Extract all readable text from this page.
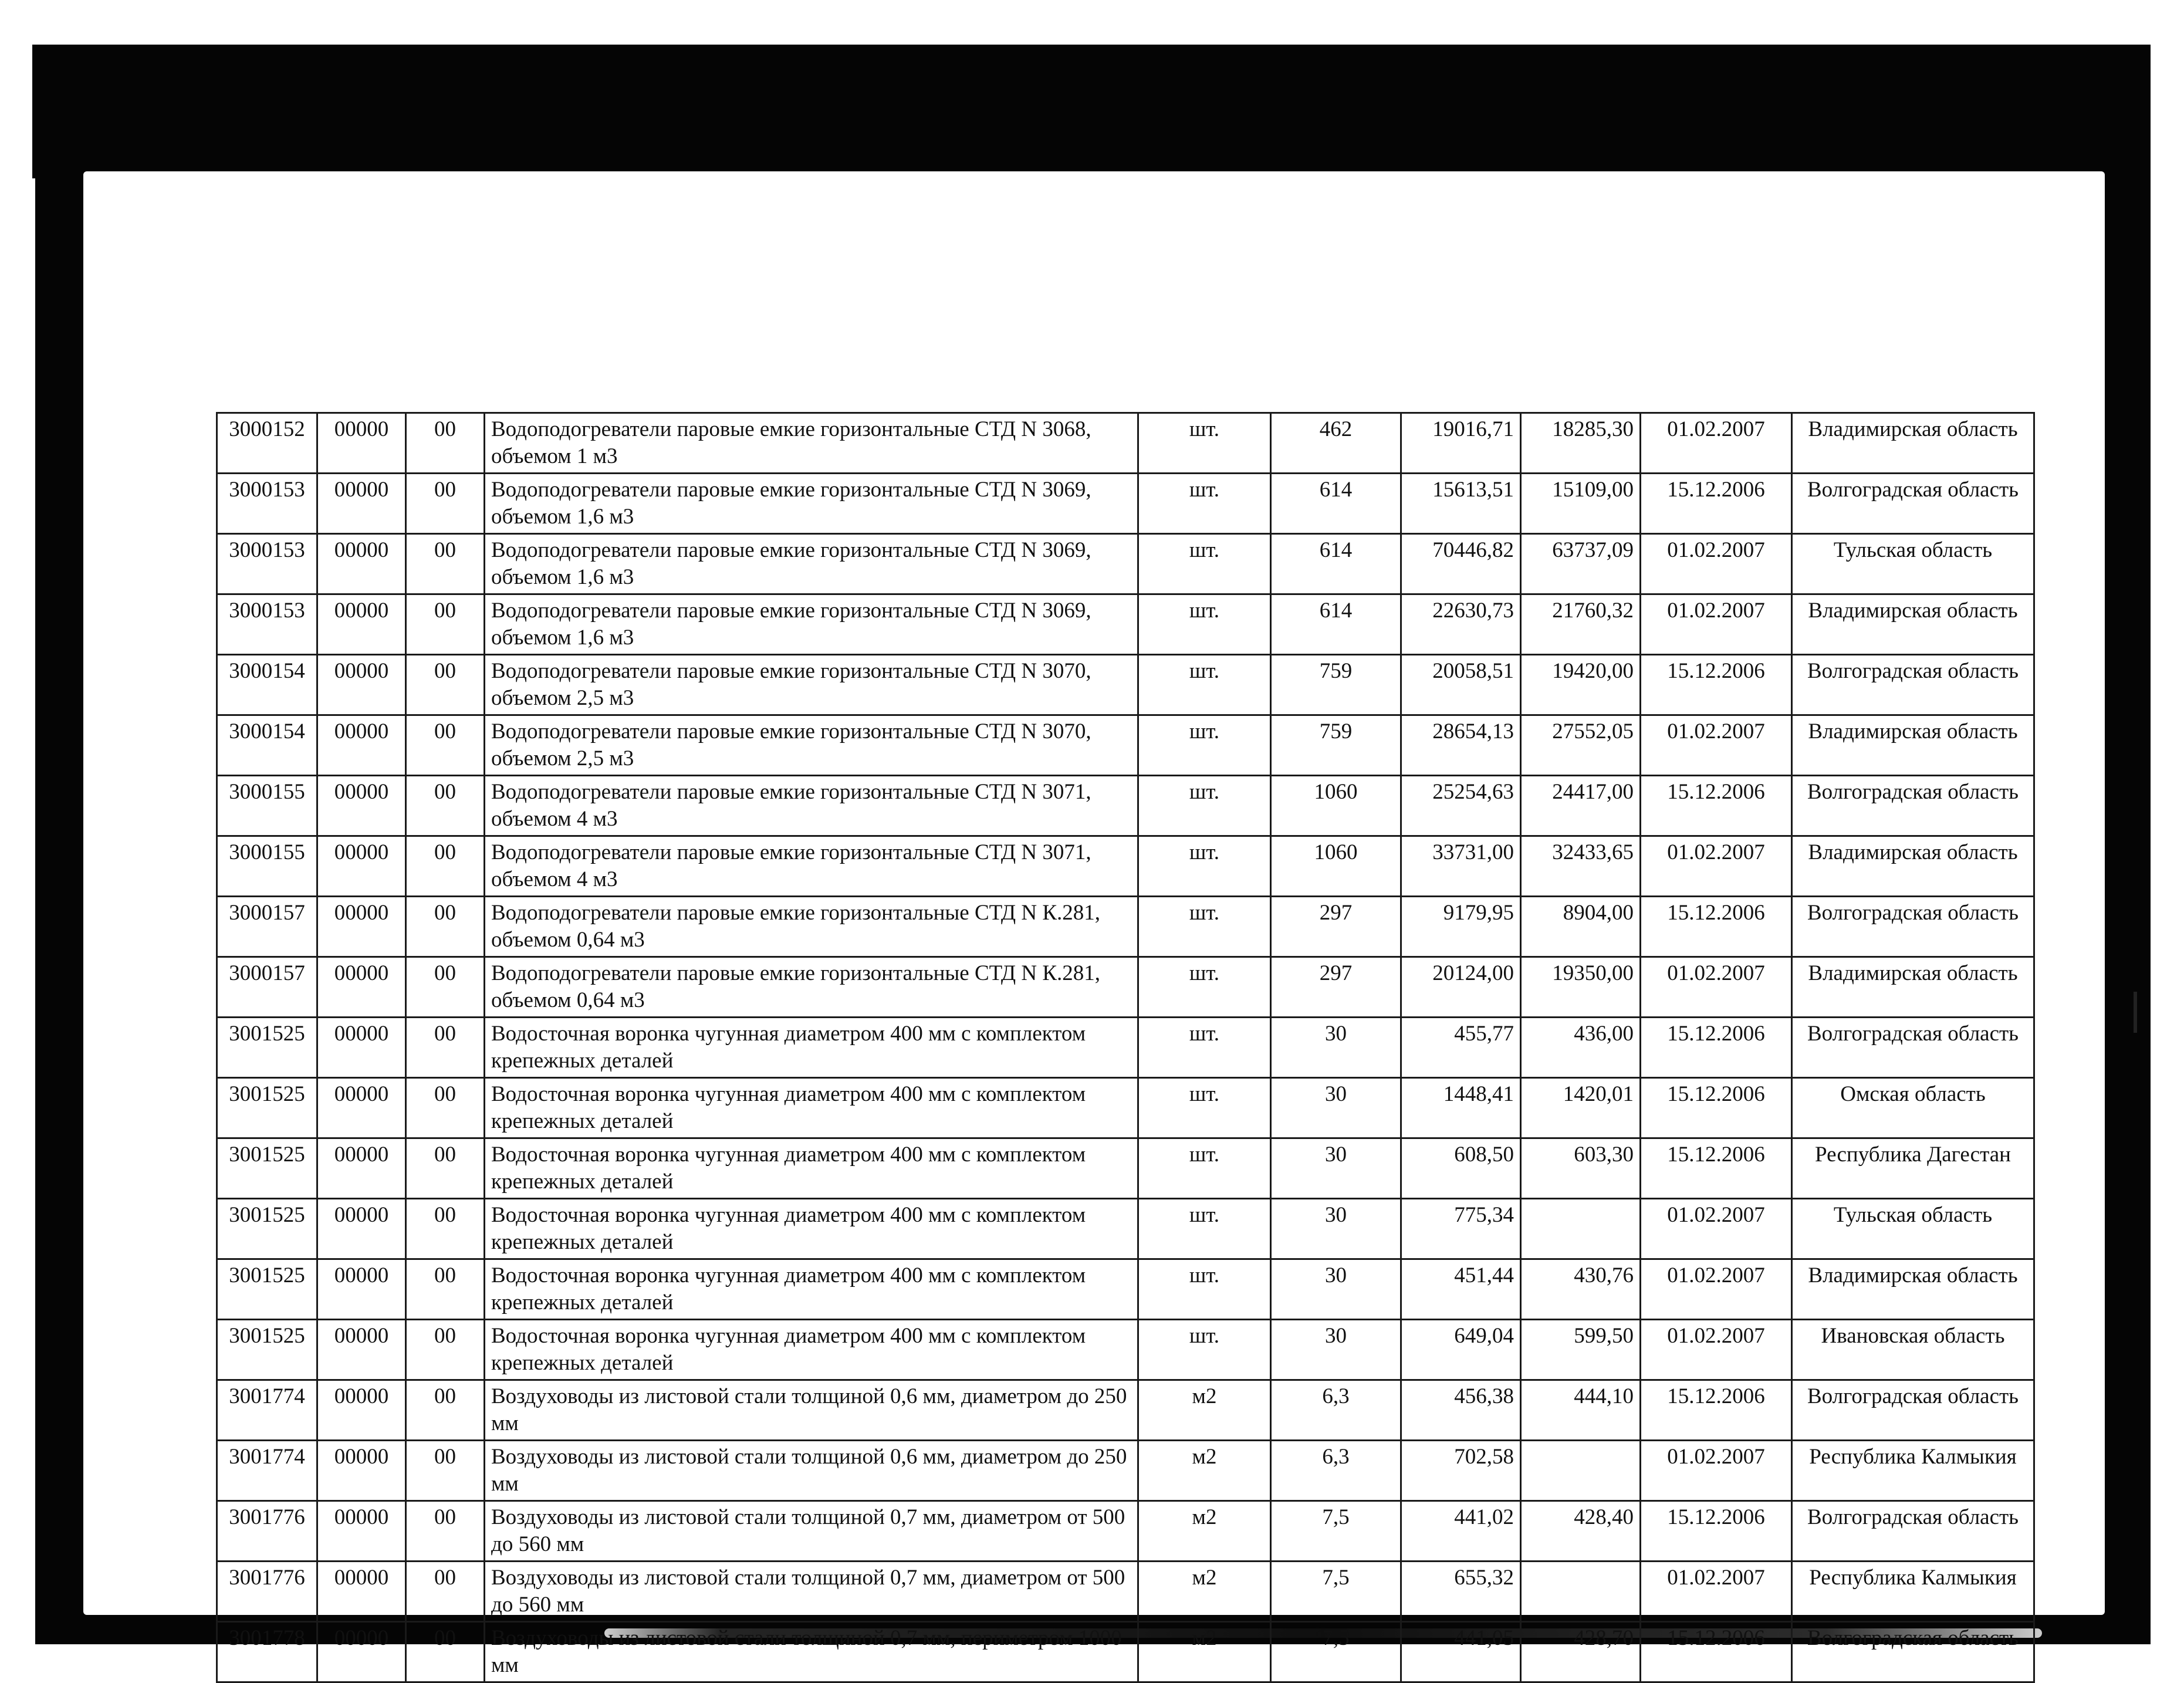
3000152	00000	00	Водоподогреватели паровые емкие горизонтальные СТД N 3068, объемом 1 м3	шт.	462	19016,71	18285,30	01.02.2007	Владимирская область
3000153	00000	00	Водоподогреватели паровые емкие горизонтальные СТД N 3069, объемом 1,6 м3	шт.	614	15613,51	15109,00	15.12.2006	Волгоградская область
3000153	00000	00	Водоподогреватели паровые емкие горизонтальные СТД N 3069, объемом 1,6 м3	шт.	614	70446,82	63737,09	01.02.2007	Тульская область
3000153	00000	00	Водоподогреватели паровые емкие горизонтальные СТД N 3069, объемом 1,6 м3	шт.	614	22630,73	21760,32	01.02.2007	Владимирская область
3000154	00000	00	Водоподогреватели паровые емкие горизонтальные СТД N 3070, объемом 2,5 м3	шт.	759	20058,51	19420,00	15.12.2006	Волгоградская область
3000154	00000	00	Водоподогреватели паровые емкие горизонтальные СТД N 3070, объемом 2,5 м3	шт.	759	28654,13	27552,05	01.02.2007	Владимирская область
3000155	00000	00	Водоподогреватели паровые емкие горизонтальные СТД N 3071, объемом 4 м3	шт.	1060	25254,63	24417,00	15.12.2006	Волгоградская область
3000155	00000	00	Водоподогреватели паровые емкие горизонтальные СТД N 3071, объемом 4 м3	шт.	1060	33731,00	32433,65	01.02.2007	Владимирская область
3000157	00000	00	Водоподогреватели паровые емкие горизонтальные СТД N К.281, объемом 0,64 м3	шт.	297	9179,95	8904,00	15.12.2006	Волгоградская область
3000157	00000	00	Водоподогреватели паровые емкие горизонтальные СТД N К.281, объемом 0,64 м3	шт.	297	20124,00	19350,00	01.02.2007	Владимирская область
3001525	00000	00	Водосточная воронка чугунная диаметром 400 мм с комплектом крепежных деталей	шт.	30	455,77	436,00	15.12.2006	Волгоградская область
3001525	00000	00	Водосточная воронка чугунная диаметром 400 мм с комплектом крепежных деталей	шт.	30	1448,41	1420,01	15.12.2006	Омская область
3001525	00000	00	Водосточная воронка чугунная диаметром 400 мм с комплектом крепежных деталей	шт.	30	608,50	603,30	15.12.2006	Республика Дагестан
3001525	00000	00	Водосточная воронка чугунная диаметром 400 мм с комплектом крепежных деталей	шт.	30	775,34		01.02.2007	Тульская область
3001525	00000	00	Водосточная воронка чугунная диаметром 400 мм с комплектом крепежных деталей	шт.	30	451,44	430,76	01.02.2007	Владимирская область
3001525	00000	00	Водосточная воронка чугунная диаметром 400 мм с комплектом крепежных деталей	шт.	30	649,04	599,50	01.02.2007	Ивановская область
3001774	00000	00	Воздуховоды из листовой стали толщиной 0,6 мм, диаметром до 250 мм	м2	6,3	456,38	444,10	15.12.2006	Волгоградская область
3001774	00000	00	Воздуховоды из листовой стали толщиной 0,6 мм, диаметром до 250 мм	м2	6,3	702,58		01.02.2007	Республика Калмыкия
3001776	00000	00	Воздуховоды из листовой стали толщиной 0,7 мм, диаметром от 500 до 560 мм	м2	7,5	441,02	428,40	15.12.2006	Волгоградская область
3001776	00000	00	Воздуховоды из листовой стали толщиной 0,7 мм, диаметром от 500 до 560 мм	м2	7,5	655,32		01.02.2007	Республика Калмыкия
3001778	00000	00	Воздуховоды из листовой стали толщиной 0,7 мм, периметром 1000 мм	м2	7,5	441,05	428,70	15.12.2006	Волгоградская область
